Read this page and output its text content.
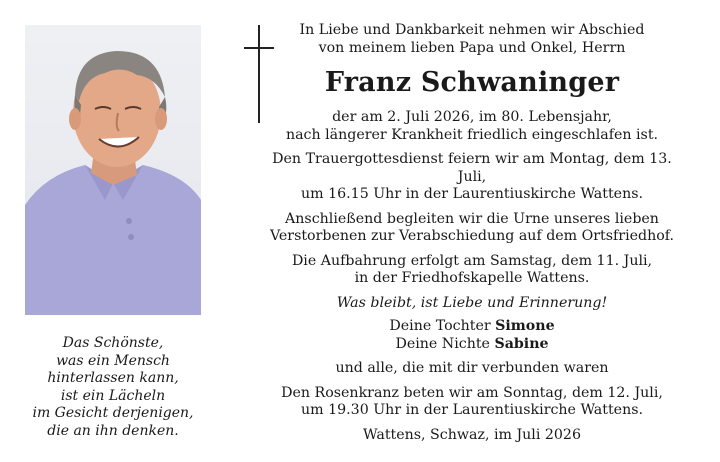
In Liebe und Dankbarkeit nehmen wir Abschied

von meinem lieben Papa und Onkel, Herrn

Franz Schwaninger

der am 2. Juli 2026, im 80. Lebensjahr,

nach längerer Krankheit friedlich eingeschlafen ist.

Den Trauergottesdienst feiern wir am Montag, dem 13. Juli,

um 16.15 Uhr in der Laurentiuskirche Wattens.

Anschließend begleiten wir die Urne unseres lieben

Verstorbenen zur Verabschiedung auf dem Ortsfriedhof.

Die Aufbahrung erfolgt am Samstag, dem 11. Juli,

in der Friedhofskapelle Wattens.

Was bleibt, ist Liebe und Erinnerung!

Deine Tochter Simone

Deine Nichte Sabine

und alle, die mit dir verbunden waren

Den Rosenkranz beten wir am Sonntag, dem 12. Juli,

um 19.30 Uhr in der Laurentiuskirche Wattens.

Wattens, Schwaz, im Juli 2026

Das Schönste,

was ein Mensch

hinterlassen kann,

ist ein Lächeln

im Gesicht derjenigen,

die an ihn denken.
